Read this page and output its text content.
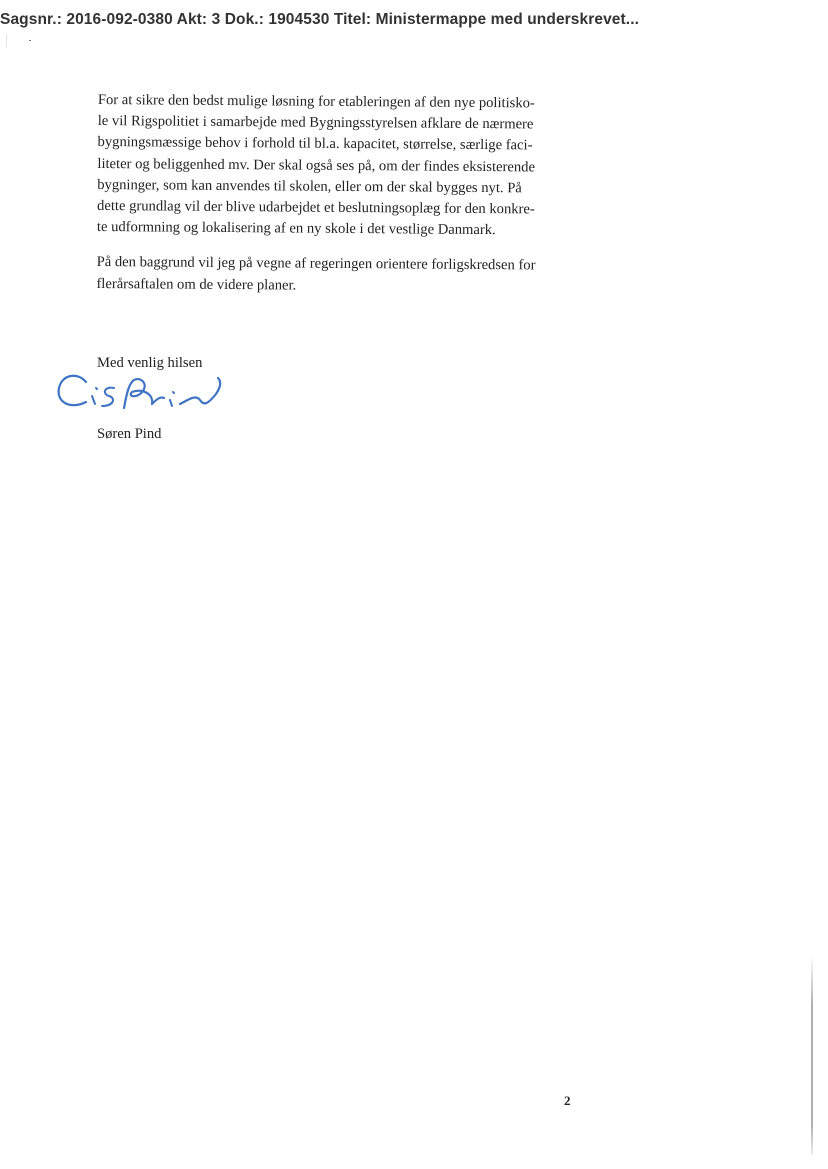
Sagsnr.: 2016-092-0380 Akt: 3 Dok.: 1904530 Titel: Ministermappe med underskrevet...

For at sikre den bedst mulige løsning for etableringen af den nye politisko-
le vil Rigspolitiet i samarbejde med Bygningsstyrelsen afklare de nærmere
bygningsmæssige behov i forhold til bl.a. kapacitet, størrelse, særlige faci-
liteter og beliggenhed mv. Der skal også ses på, om der findes eksisterende
bygninger, som kan anvendes til skolen, eller om der skal bygges nyt. På
dette grundlag vil der blive udarbejdet et beslutningsoplæg for den konkre-
te udformning og lokalisering af en ny skole i det vestlige Danmark.

På den baggrund vil jeg på vegne af regeringen orientere forligskredsen for
flerårsaftalen om de videre planer.

Med venlig hilsen
Søren Pind
2
